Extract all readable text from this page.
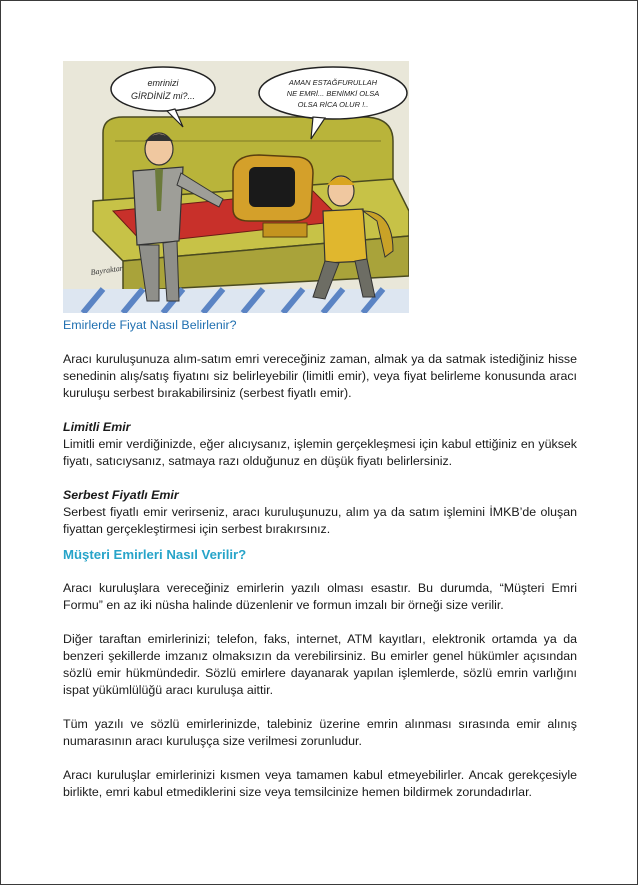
emrinizi
GİRDİNİZ mi?...
AMAN ESTAĞFURULLAH
NE EMRİ... BENİMKİ OLSA
OLSA RİCA OLUR !..
Bayraktar

Emirlerde Fiyat Nasıl Belirlenir?

Aracı kuruluşunuza alım-satım emri vereceğiniz zaman, almak ya da satmak istediğiniz hisse senedinin alış/satış fiyatını siz belirleyebilir (limitli emir), veya fiyat belirleme konusunda aracı kuruluşu serbest bırakabilirsiniz (serbest fiyatlı emir).

Limitli Emir

Limitli emir verdiğinizde, eğer alıcıysanız, işlemin gerçekleşmesi için kabul ettiğiniz en yüksek fiyatı, satıcıysanız, satmaya razı olduğunuz en düşük fiyatı belirlersiniz.

Serbest Fiyatlı Emir

Serbest fiyatlı emir verirseniz, aracı kuruluşunuzu, alım ya da satım işlemini İMKB’de oluşan fiyattan gerçekleştirmesi için serbest bırakırsınız.

Müşteri Emirleri Nasıl Verilir?

Aracı kuruluşlara vereceğiniz emirlerin yazılı olması esastır. Bu durumda, “Müşteri Emri Formu” en az iki nüsha halinde düzenlenir ve formun imzalı bir örneği size verilir.

Diğer taraftan emirlerinizi; telefon, faks, internet, ATM kayıtları, elektronik ortamda ya da benzeri şekillerde imzanız olmaksızın da verebilirsiniz. Bu emirler genel hükümler açısından sözlü emir hükmündedir. Sözlü emirlere dayanarak yapılan işlemlerde, sözlü emrin varlığını ispat yükümlülüğü aracı kuruluşa aittir.

Tüm yazılı ve sözlü emirlerinizde, talebiniz üzerine emrin alınması sırasında emir alınış numarasının aracı kuruluşça size verilmesi zorunludur.

Aracı kuruluşlar emirlerinizi kısmen veya tamamen kabul etmeyebilirler. Ancak gerekçesiyle birlikte, emri kabul etmediklerini size veya temsilcinize hemen bildirmek zorundadırlar.
